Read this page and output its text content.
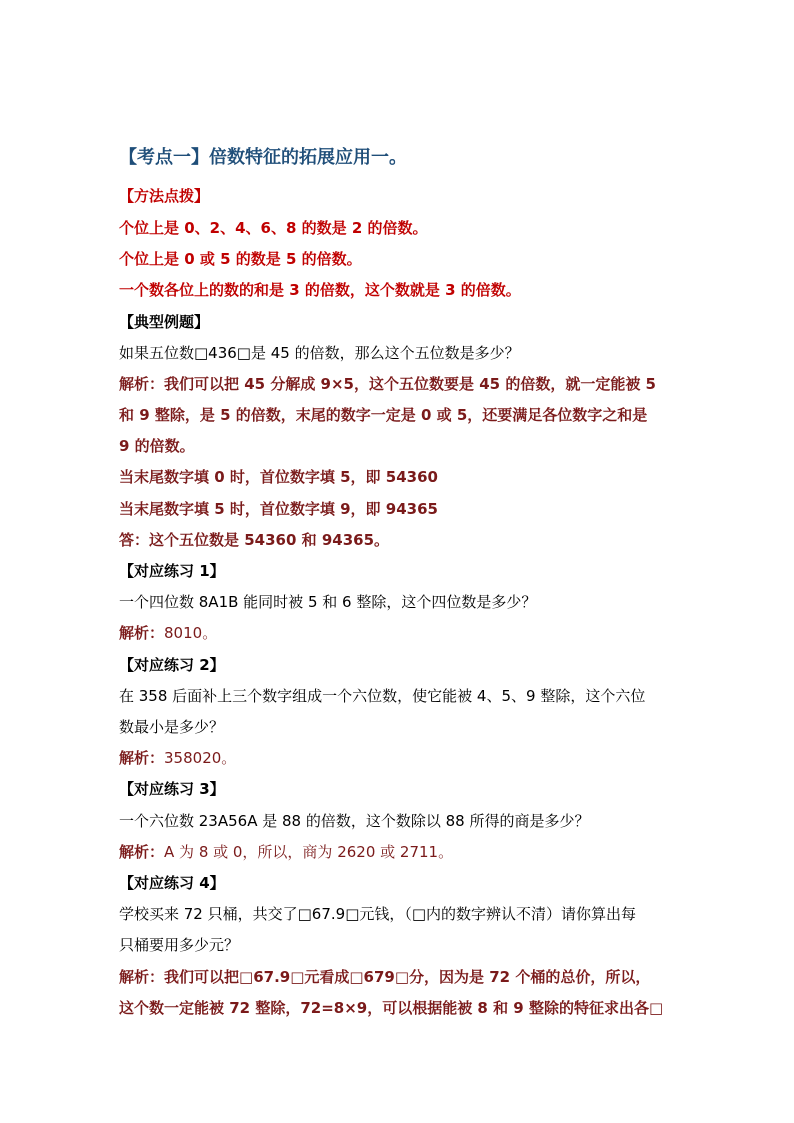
【考点一】倍数特征的拓展应用一。
【方法点拨】
个位上是 0、2、4、6、8 的数是 2 的倍数。
个位上是 0 或 5 的数是 5 的倍数。
一个数各位上的数的和是 3 的倍数，这个数就是 3 的倍数。
【典型例题】
如果五位数□436□是 45 的倍数，那么这个五位数是多少？
解析：我们可以把 45 分解成 9×5，这个五位数要是 45 的倍数，就一定能被 5
和 9 整除，是 5 的倍数，末尾的数字一定是 0 或 5，还要满足各位数字之和是
9 的倍数。
当末尾数字填 0 时，首位数字填 5，即 54360
当末尾数字填 5 时，首位数字填 9，即 94365
答：这个五位数是 54360 和 94365。
【对应练习 1】
一个四位数 8A1B 能同时被 5 和 6 整除，这个四位数是多少？
解析：8010。
【对应练习 2】
在 358 后面补上三个数字组成一个六位数，使它能被 4、5、9 整除，这个六位
数最小是多少？
解析：358020。
【对应练习 3】
一个六位数 23A56A 是 88 的倍数，这个数除以 88 所得的商是多少？
解析：A 为 8 或 0，所以，商为 2620 或 2711。
【对应练习 4】
学校买来 72 只桶，共交了□67.9□元钱，（□内的数字辨认不清）请你算出每
只桶要用多少元？
解析：我们可以把□67.9□元看成□679□分，因为是 72 个桶的总价，所以，
这个数一定能被 72 整除，72=8×9，可以根据能被 8 和 9 整除的特征求出各□
